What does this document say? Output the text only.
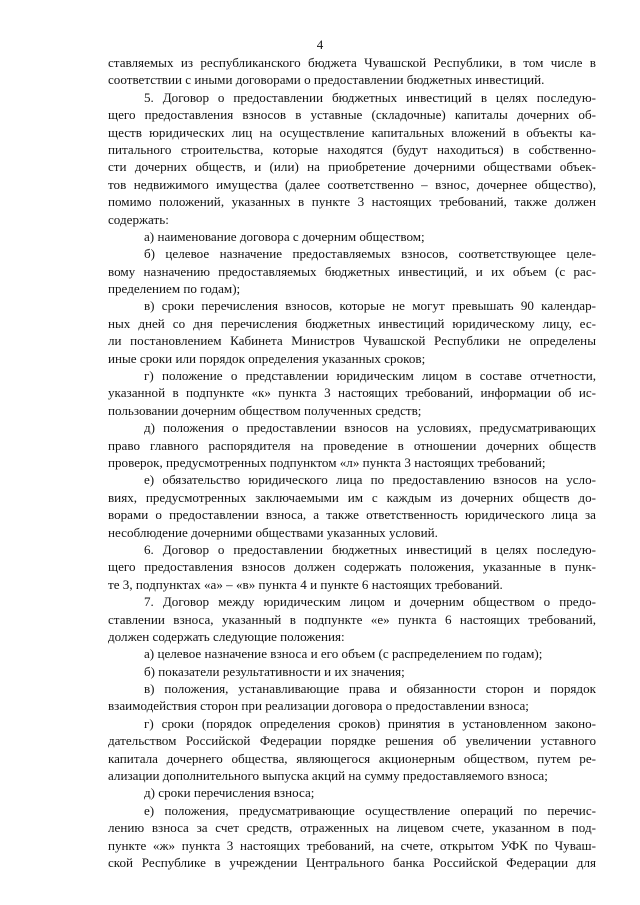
4
ставляемых из республиканского бюджета Чувашской Республики, в том числе в
соответствии с иными договорами о предоставлении бюджетных инвестиций.
5. Договор о предоставлении бюджетных инвестиций в целях последую-
щего предоставления взносов в уставные (складочные) капиталы дочерних об-
ществ юридических лиц на осуществление капитальных вложений в объекты ка-
питального строительства, которые находятся (будут находиться) в собственно-
сти дочерних обществ, и (или) на приобретение дочерними обществами объек-
тов недвижимого имущества (далее соответственно – взнос, дочернее общество),
помимо положений, указанных в пункте 3 настоящих требований, также должен
содержать:
а) наименование договора с дочерним обществом;
б) целевое назначение предоставляемых взносов, соответствующее целе-
вому назначению предоставляемых бюджетных инвестиций, и их объем (с рас-
пределением по годам);
в) сроки перечисления взносов, которые не могут превышать 90 календар-
ных дней со дня перечисления бюджетных инвестиций юридическому лицу, ес-
ли постановлением Кабинета Министров Чувашской Республики не определены
иные сроки или порядок определения указанных сроков;
г) положение о представлении юридическим лицом в составе отчетности,
указанной в подпункте «к» пункта 3 настоящих требований, информации об ис-
пользовании дочерним обществом полученных средств;
д) положения о предоставлении взносов на условиях, предусматривающих
право главного распорядителя на проведение в отношении дочерних обществ
проверок, предусмотренных подпунктом «л» пункта 3 настоящих требований;
е) обязательство юридического лица по предоставлению взносов на усло-
виях, предусмотренных заключаемыми им с каждым из дочерних обществ до-
ворами о предоставлении взноса, а также ответственность юридического лица за
несоблюдение дочерними обществами указанных условий.
6. Договор о предоставлении бюджетных инвестиций в целях последую-
щего предоставления взносов должен содержать положения, указанные в пунк-
те 3, подпунктах «а» – «в» пункта 4 и пункте 6 настоящих требований.
7. Договор между юридическим лицом и дочерним обществом о предо-
ставлении взноса, указанный в подпункте «е» пункта 6 настоящих требований,
должен содержать следующие положения:
а) целевое назначение взноса и его объем (с распределением по годам);
б) показатели результативности и их значения;
в) положения, устанавливающие права и обязанности сторон и порядок
взаимодействия сторон при реализации договора о предоставлении взноса;
г) сроки (порядок определения сроков) принятия в установленном законо-
дательством Российской Федерации порядке решения об увеличении уставного
капитала дочернего общества, являющегося акционерным обществом, путем ре-
ализации дополнительного выпуска акций на сумму предоставляемого взноса;
д) сроки перечисления взноса;
е) положения, предусматривающие осуществление операций по перечис-
лению взноса за счет средств, отраженных на лицевом счете, указанном в под-
пункте «ж» пункта 3 настоящих требований, на счете, открытом УФК по Чуваш-
ской Республике в учреждении Центрального банка Российской Федерации для
